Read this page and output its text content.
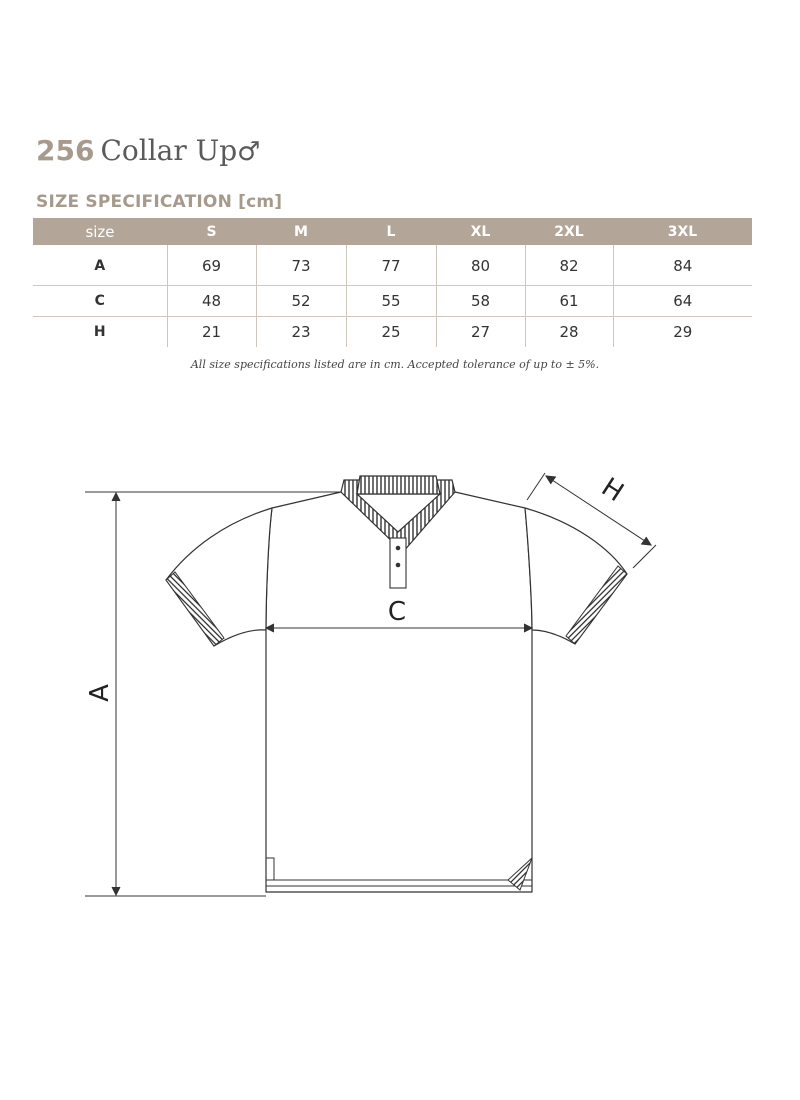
256 Collar Up♂
SIZE SPECIFICATION [cm]
size	S	M	L	XL	2XL	3XL
A	69	73	77	80	82	84
C	48	52	55	58	61	64
H	21	23	25	27	28	29

All size specifications listed are in cm. Accepted tolerance of up to ± 5%.

A
C
H
